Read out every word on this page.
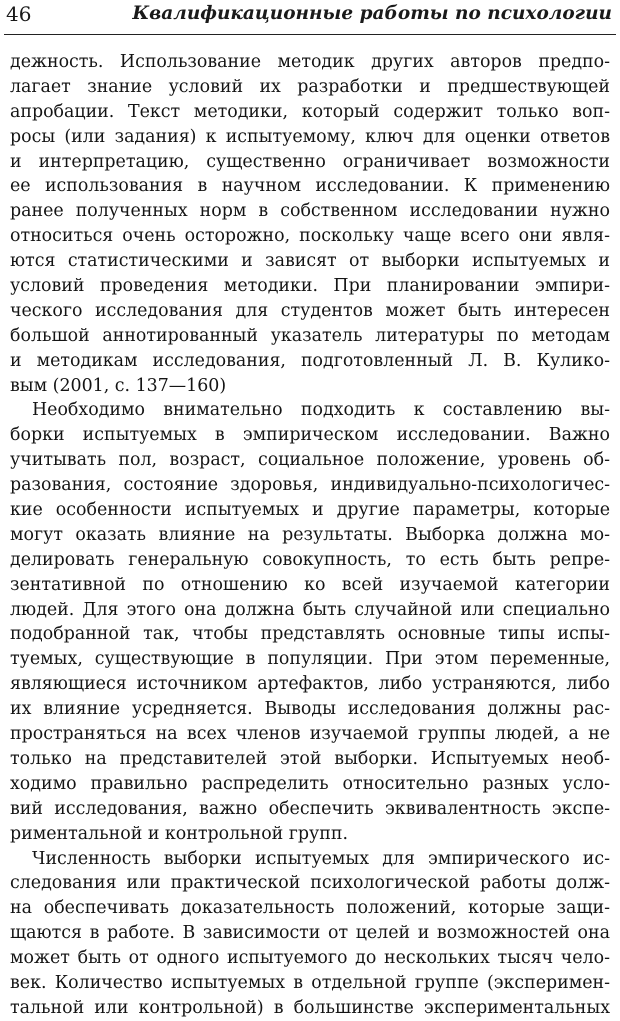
46	Квалификационные работы по психологии
дежность. Использование методик других авторов предпо-
лагает знание условий их разработки и предшествующей
апробации. Текст методики, который содержит только воп-
росы (или задания) к испытуемому, ключ для оценки ответов
и интерпретацию, существенно ограничивает возможности
ее использования в научном исследовании. К применению
ранее полученных норм в собственном исследовании нужно
относиться очень осторожно, поскольку чаще всего они явля-
ются статистическими и зависят от выборки испытуемых и
условий проведения методики. При планировании эмпири-
ческого исследования для студентов может быть интересен
большой аннотированный указатель литературы по методам
и методикам исследования, подготовленный Л. В. Кулико-
вым (2001, с. 137—160)
Необходимо внимательно подходить к составлению вы-
борки испытуемых в эмпирическом исследовании. Важно
учитывать пол, возраст, социальное положение, уровень об-
разования, состояние здоровья, индивидуально-психологичес-
кие особенности испытуемых и другие параметры, которые
могут оказать влияние на результаты. Выборка должна мо-
делировать генеральную совокупность, то есть быть репре-
зентативной по отношению ко всей изучаемой категории
людей. Для этого она должна быть случайной или специально
подобранной так, чтобы представлять основные типы испы-
туемых, существующие в популяции. При этом переменные,
являющиеся источником артефактов, либо устраняются, либо
их влияние усредняется. Выводы исследования должны рас-
пространяться на всех членов изучаемой группы людей, а не
только на представителей этой выборки. Испытуемых необ-
ходимо правильно распределить относительно разных усло-
вий исследования, важно обеспечить эквивалентность экспе-
риментальной и контрольной групп.
Численность выборки испытуемых для эмпирического ис-
следования или практической психологической работы долж-
на обеспечивать доказательность положений, которые защи-
щаются в работе. В зависимости от целей и возможностей она
может быть от одного испытуемого до нескольких тысяч чело-
век. Количество испытуемых в отдельной группе (эксперимен-
тальной или контрольной) в большинстве экспериментальных
